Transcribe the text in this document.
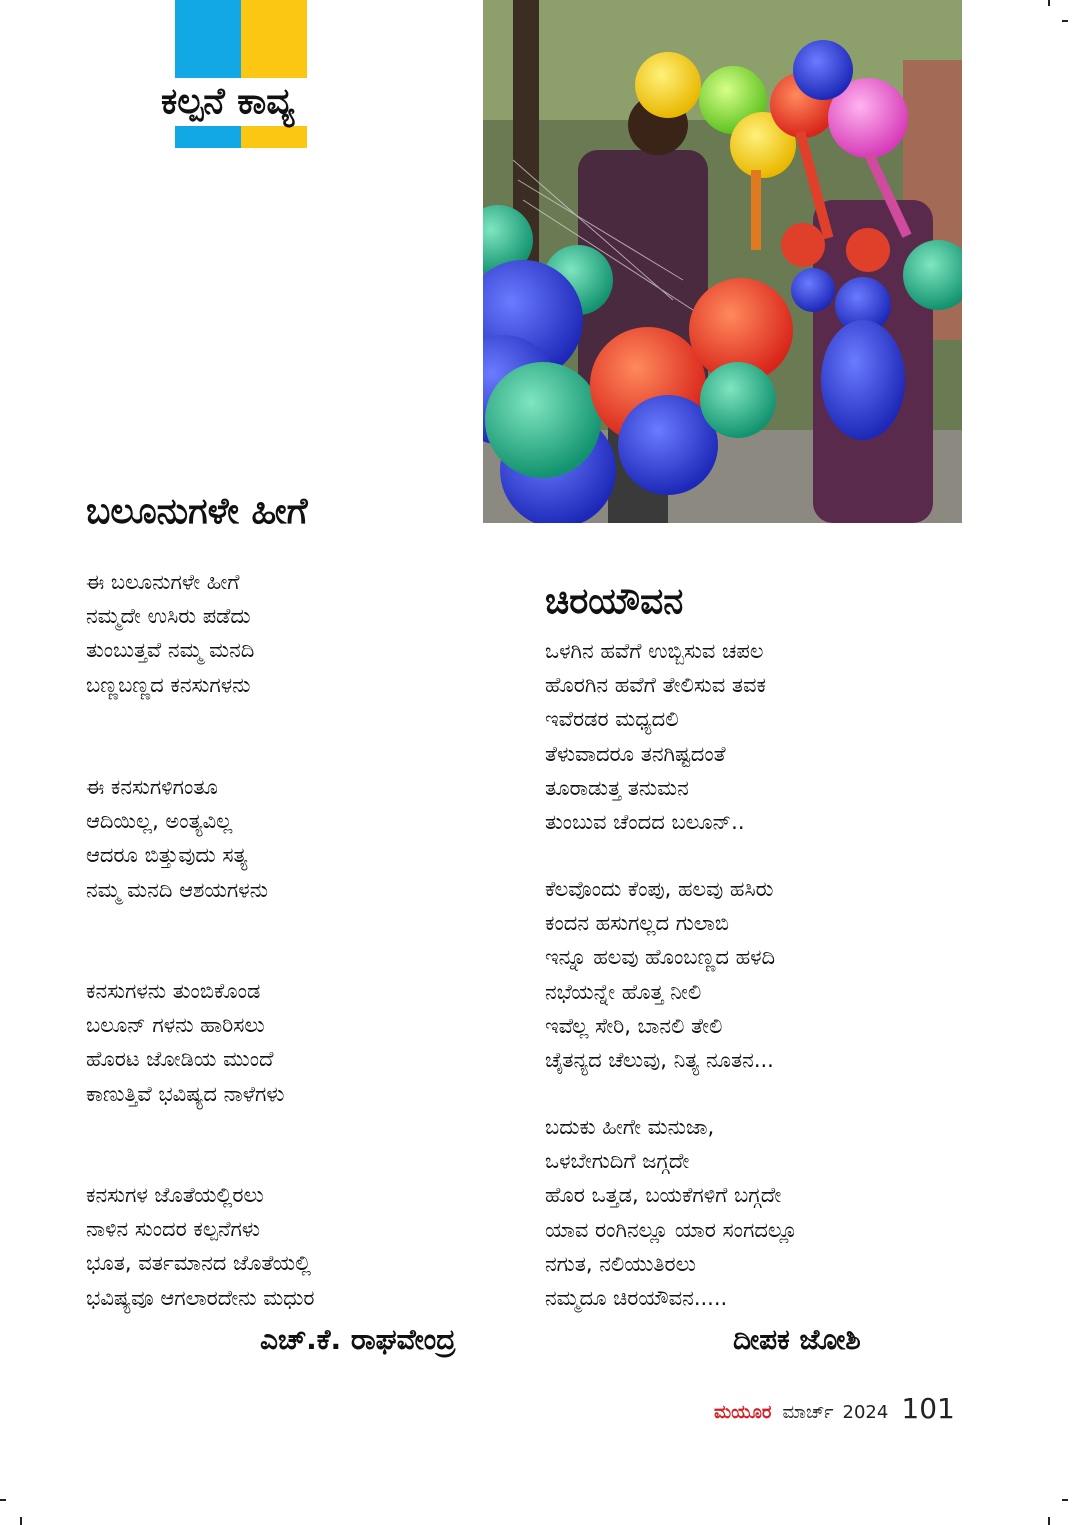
ಕಲ್ಪನೆ ಕಾವ್ಯ
ಬಲೂನುಗಳೇ ಹೀಗೆ
ಈ ಬಲೂನುಗಳೇ ಹೀಗೆ
ನಮ್ಮದೇ ಉಸಿರು ಪಡೆದು
ತುಂಬುತ್ತವೆ ನಮ್ಮ ಮನದಿ
ಬಣ್ಣಬಣ್ಣದ ಕನಸುಗಳನು
ಈ ಕನಸುಗಳಿಗಂತೂ
ಆದಿಯಿಲ್ಲ, ಅಂತ್ಯವಿಲ್ಲ
ಆದರೂ ಬಿತ್ತುವುದು ಸತ್ಯ
ನಮ್ಮ ಮನದಿ ಆಶಯಗಳನು
ಕನಸುಗಳನು ತುಂಬಿಕೊಂಡ
ಬಲೂನ್ ಗಳನು ಹಾರಿಸಲು
ಹೊರಟ ಜೋಡಿಯ ಮುಂದೆ
ಕಾಣುತ್ತಿವೆ ಭವಿಷ್ಯದ ನಾಳೆಗಳು
ಕನಸುಗಳ ಜೊತೆಯಲ್ಲಿರಲು
ನಾಳಿನ ಸುಂದರ ಕಲ್ಪನೆಗಳು
ಭೂತ, ವರ್ತಮಾನದ ಜೊತೆಯಲ್ಲಿ
ಭವಿಷ್ಯವೂ ಆಗಲಾರದೇನು ಮಧುರ
ಎಚ್.ಕೆ. ರಾಘವೇಂದ್ರ
ಚಿರಯೌವನ
ಒಳಗಿನ ಹವೆಗೆ ಉಬ್ಬಿಸುವ ಚಪಲ
ಹೊರಗಿನ ಹವೆಗೆ ತೇಲಿಸುವ ತವಕ
ಇವೆರಡರ ಮಧ್ಯದಲಿ
ತೆಳುವಾದರೂ ತನಗಿಷ್ಟದಂತೆ
ತೂರಾಡುತ್ತ ತನುಮನ
ತುಂಬುವ ಚೆಂದದ ಬಲೂನ್..
ಕೆಲವೊಂದು ಕೆಂಪು, ಹಲವು ಹಸಿರು
ಕಂದನ ಹಸುಗಲ್ಲದ ಗುಲಾಬಿ
ಇನ್ನೂ ಹಲವು ಹೊಂಬಣ್ಣದ ಹಳದಿ
ನಭೆಯನ್ನೇ ಹೊತ್ತ ನೀಲಿ
ಇವೆಲ್ಲ ಸೇರಿ, ಬಾನಲಿ ತೇಲಿ
ಚೈತನ್ಯದ ಚೆಲುವು, ನಿತ್ಯ ನೂತನ...
ಬದುಕು ಹೀಗೇ ಮನುಜಾ,
ಒಳಬೇಗುದಿಗೆ ಜಗ್ಗದೇ
ಹೊರ ಒತ್ತಡ, ಬಯಕೆಗಳಿಗೆ ಬಗ್ಗದೇ
ಯಾವ ರಂಗಿನಲ್ಲೂ ಯಾರ ಸಂಗದಲ್ಲೂ
ನಗುತ, ನಲಿಯುತಿರಲು
ನಮ್ಮದೂ ಚಿರಯೌವನ.....
ದೀಪಕ ಜೋಶಿ
ಮಯೂರ ಮಾರ್ಚ್ 2024 101
